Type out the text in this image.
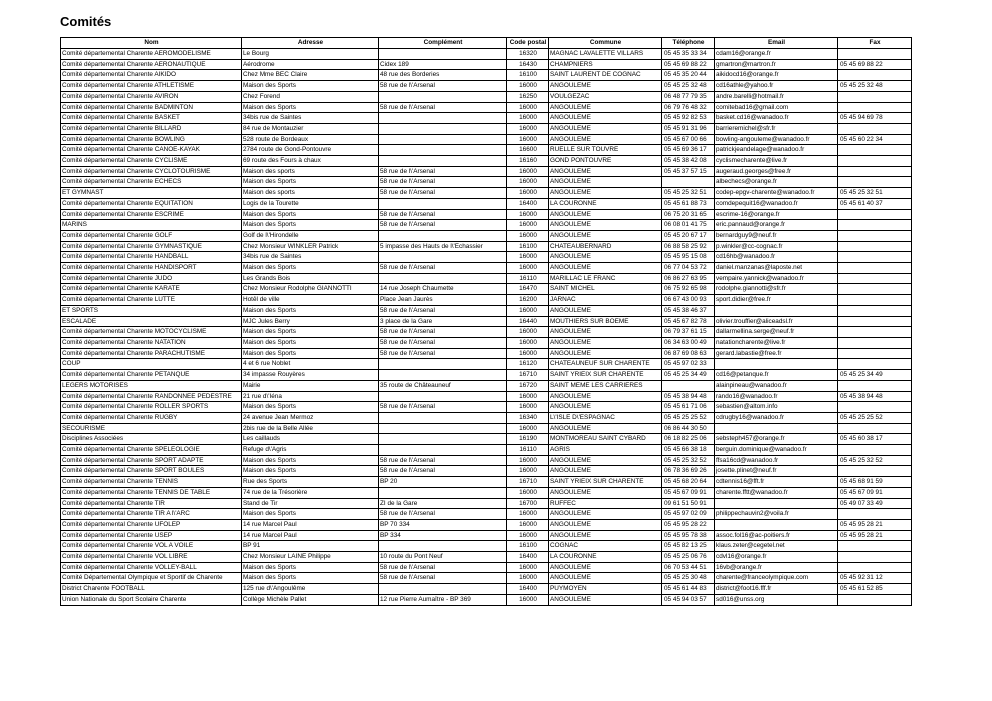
Comités
Nom	Adresse	Complément	Code postal	Commune	Téléphone	Email	Fax
Comité départemental Charente AEROMODELISME	Le Bourg		16320	MAGNAC LAVALETTE VILLARS	05 45 35 33 34	cdam16@orange.fr	
Comité départemental Charente AERONAUTIQUE	Aérodrome	Cidex 189	16430	CHAMPNIERS	05 45 69 88 22	gmartron@martron.fr	05 45 69 88 22
Comité départemental Charente AIKIDO	Chez Mme BEC Claire	48 rue des Borderies	16100	SAINT LAURENT DE COGNAC	05 45 35 20 44	aikidocd16@orange.fr	
Comité départemental Charente ATHLETISME	Maison des Sports	58 rue de l\'Arsenal	16000	ANGOULEME	05 45 25 32 48	cd16athle@yahoo.fr	05 45 25 32 48
Comité départemental Charente AVIRON	Chez Forend		16250	VOULGEZAC	06 48 77 79 35	andre.barelli@hotmail.fr	
Comité départemental Charente BADMINTON	Maison des Sports	58 rue de l\'Arsenal	16000	ANGOULEME	06 79 76 48 32	comitebad16@gmail.com	
Comité départemental Charente BASKET	34bis rue de Saintes		16000	ANGOULEME	05 45 92 82 53	basket.cd16@wanadoo.fr	05 45 94 69 78
Comité départemental Charente BILLARD	84 rue de Montauzier		16000	ANGOULEME	05 45 91 31 96	barrieremichel@sfr.fr	
Comité départemental Charente BOWLING	528 route de Bordeaux		16000	ANGOULEME	05 45 67 00 66	bowling-angouleme@wanadoo.fr	05 45 60 22 34
Comité départemental Charente CANOE-KAYAK	2784 route de Gond-Pontouvre		16600	RUELLE SUR TOUVRE	05 45 69 36 17	patrickjeandelage@wanadoo.fr	
Comité départemental Charente CYCLISME	69 route des Fours à chaux		16160	GOND PONTOUVRE	05 45 38 42 08	cyclismecharente@live.fr	
Comité départemental Charente CYCLOTOURISME	Maison des sports	58 rue de l\'Arsenal	16000	ANGOULEME	05 45 37 57 15	augeraud.georges@free.fr	
Comité départemental Charente ECHECS	Maison des Sports	58 rue de l\'Arsenal	16000	ANGOULEME		albechecs@orange.fr	
ET GYMNAST	Maison des sports	58 rue de l\'Arsenal	16000	ANGOULEME	05 45 25 32 51	codep-epgv-charente@wanadoo.fr	05 45 25 32 51
Comité départemental Charente EQUITATION	Logis de la Tourette		16400	LA COURONNE	05 45 61 88 73	comdepequit16@wanadoo.fr	05 45 61 40 37
Comité départemental Charente ESCRIME	Maison des Sports	58 rue de l\'Arsenal	16000	ANGOULEME	06 75 20 31 65	escrime-16@orange.fr	
MARINS	Maison des Sports	58 rue de l\'Arsenal	16000	ANGOULEME	06 08 01 41 75	eric.pannaud@orange.fr	
Comité départemental Charente GOLF	Golf de l\'Hirondelle		16000	ANGOULEME	05 45 20 67 17	bernardguy9@neuf.fr	
Comité départemental Charente GYMNASTIQUE	Chez Monsieur WINKLER Patrick	5 impasse des Hauts de l\'Echassier	16100	CHATEAUBERNARD	06 88 58 25 92	p.winkler@cc-cognac.fr	
Comité départemental Charente HANDBALL	34bis rue de Saintes		16000	ANGOULEME	05 45 95 15 08	cd16hb@wanadoo.fr	
Comité départemental Charente HANDISPORT	Maison des Sports	58 rue de l\'Arsenal	16000	ANGOULEME	06 77 04 53 72	daniel.manzanas@laposte.net	
Comité départemental Charente JUDO	Les Grands Bois		16110	MARILLAC LE FRANC	06 86 27 63 95	vempaire.yannick@wanadoo.fr	
Comité départemental Charente KARATE	Chez Monsieur Rodolphe GIANNOTTI	14 rue Joseph Chaumette	16470	SAINT MICHEL	06 75 92 65 98	rodolphe.giannotti@sfr.fr	
Comité départemental Charente LUTTE	Hotêl de ville	Place Jean Jaurès	16200	JARNAC	06 67 43 00 93	sport.didier@free.fr	
ET SPORTS	Maison des Sports	58 rue de l\'Arsenal	16000	ANGOULEME	05 45 38 46 37		
ESCALADE	MJC Jules Berry	3 place de la Gare	16440	MOUTHIERS SUR BOEME	05 45 67 82 78	olivier.trouffier@aliceadsl.fr	
Comité départemental Charente MOTOCYCLISME	Maison des Sports	58 rue de l\'Arsenal	16000	ANGOULEME	06 79 37 61 15	dallarmellina.serge@neuf.fr	
Comité départemental Charente NATATION	Maison des Sports	58 rue de l\'Arsenal	16000	ANGOULEME	06 34 63 00 49	natationcharente@live.fr	
Comité départemental Charente PARACHUTISME	Maison des Sports	58 rue de l\'Arsenal	16000	ANGOULEME	06 87 69 08 63	gerard.labastie@free.fr	
COUP	4 et 6 rue Noblet		16120	CHATEAUNEUF SUR CHARENTE	05 45 97 02 33		
Comité départemental Charente PETANQUE	34 impasse Rouyères		16710	SAINT YRIEIX SUR CHARENTE	05 45 25 34 49	cd16@petanque.fr	05 45 25 34 49
LEGERS MOTORISES	Mairie	35 route de Châteauneuf	16720	SAINT MEME LES CARRIERES		alainpineau@wanadoo.fr	
Comité départemental Charente RANDONNEE PEDESTRE	21 rue d\'Iéna		16000	ANGOULEME	05 45 38 94 48	rando16@wanadoo.fr	05 45 38 94 48
Comité départemental Charente ROLLER SPORTS	Maison des Sports	58 rue de l\'Arsenal	16000	ANGOULEME	05 45 61 71 06	sebastien@altom.info	
Comité départemental Charente RUGBY	24 avenue Jean Mermoz		16340	L\'ISLE D\'ESPAGNAC	05 45 25 25 52	cdrugby16@wanadoo.fr	05 45 25 25 52
SECOURISME	2bis rue de la Belle Allée		16000	ANGOULEME	06 86 44 30 50		
Disciplines Associées	Les caillauds		16190	MONTMOREAU SAINT CYBARD	06 18 82 25 06	sebsteph457@orange.fr	05 45 60 38 17
Comité départemental Charente SPELEOLOGIE	Refuge d\'Agris		16110	AGRIS	05 45 66 38 18	berguin.dominique@wanadoo.fr	
Comité départemental Charente SPORT ADAPTE	Maison des Sports	58 rue de l\'Arsenal	16000	ANGOULEME	05 45 25 32 52	ffsa16cd@wanadoo.fr	05 45 25 32 52
Comité départemental Charente SPORT BOULES	Maison des Sports	58 rue de l\'Arsenal	16000	ANGOULEME	06 78 36 69 26	josette.plinet@neuf.fr	
Comité départemental Charente TENNIS	Rue des Sports	BP 20	16710	SAINT YRIEIX SUR CHARENTE	05 45 68 20 64	cdtennis16@fft.fr	05 45 68 91 59
Comité départemental Charente TENNIS DE TABLE	74 rue de la Trésorière		16000	ANGOULEME	05 45 67 09 91	charente.fftt@wanadoo.fr	05 45 67 09 91
Comité départemental Charente TIR	Stand de Tir	ZI de la Gare	16700	RUFFEC	09 61 51 50 91		05 49 07 33 49
Comité départemental Charente TIR A l\'ARC	Maison des Sports	58 rue de l\'Arsenal	16000	ANGOULEME	05 45 97 02 09	philippechauvin2@voila.fr	
Comité départemental Charente UFOLEP	14 rue Marcel Paul	BP 70 334	16000	ANGOULEME	05 45 95 28 22		05 45 95 28 21
Comité départemental Charente USEP	14 rue Marcel Paul	BP 334	16000	ANGOULEME	05 45 95 78 38	assoc.fol16@ac-poitiers.fr	05 45 95 28 21
Comité départemental Charente VOL A VOILE	BP 91		16100	COGNAC	05 45 82 13 25	klaus.zeter@cegetel.net	
Comité départemental Charente VOL LIBRE	Chez Monsieur LAINE Philippe	10 route du Pont Neuf	16400	LA COURONNE	05 45 25 06 76	cdvl16@orange.fr	
Comité départemental Charente VOLLEY-BALL	Maison des Sports	58 rue de l\'Arsenal	16000	ANGOULEME	06 70 53 44 51	16vb@orange.fr	
Comité Départemental Olympique et Sportif de Charente	Maison des Sports	58 rue de l\'Arsenal	16000	ANGOULEME	05 45 25 30 48	charente@franceolympique.com	05 45 92 31 12
District Charente FOOTBALL	125 rue d\'Angoulême		16400	PUYMOYEN	05 45 61 44 83	district@foot16.fff.fr	05 45 61 52 85
Union Nationale du Sport Scolaire Charente	Collège Michèle Pallet	12 rue Pierre Aumaître - BP 369	16000	ANGOULEME	05 45 94 03 57	sd016@unss.org	
